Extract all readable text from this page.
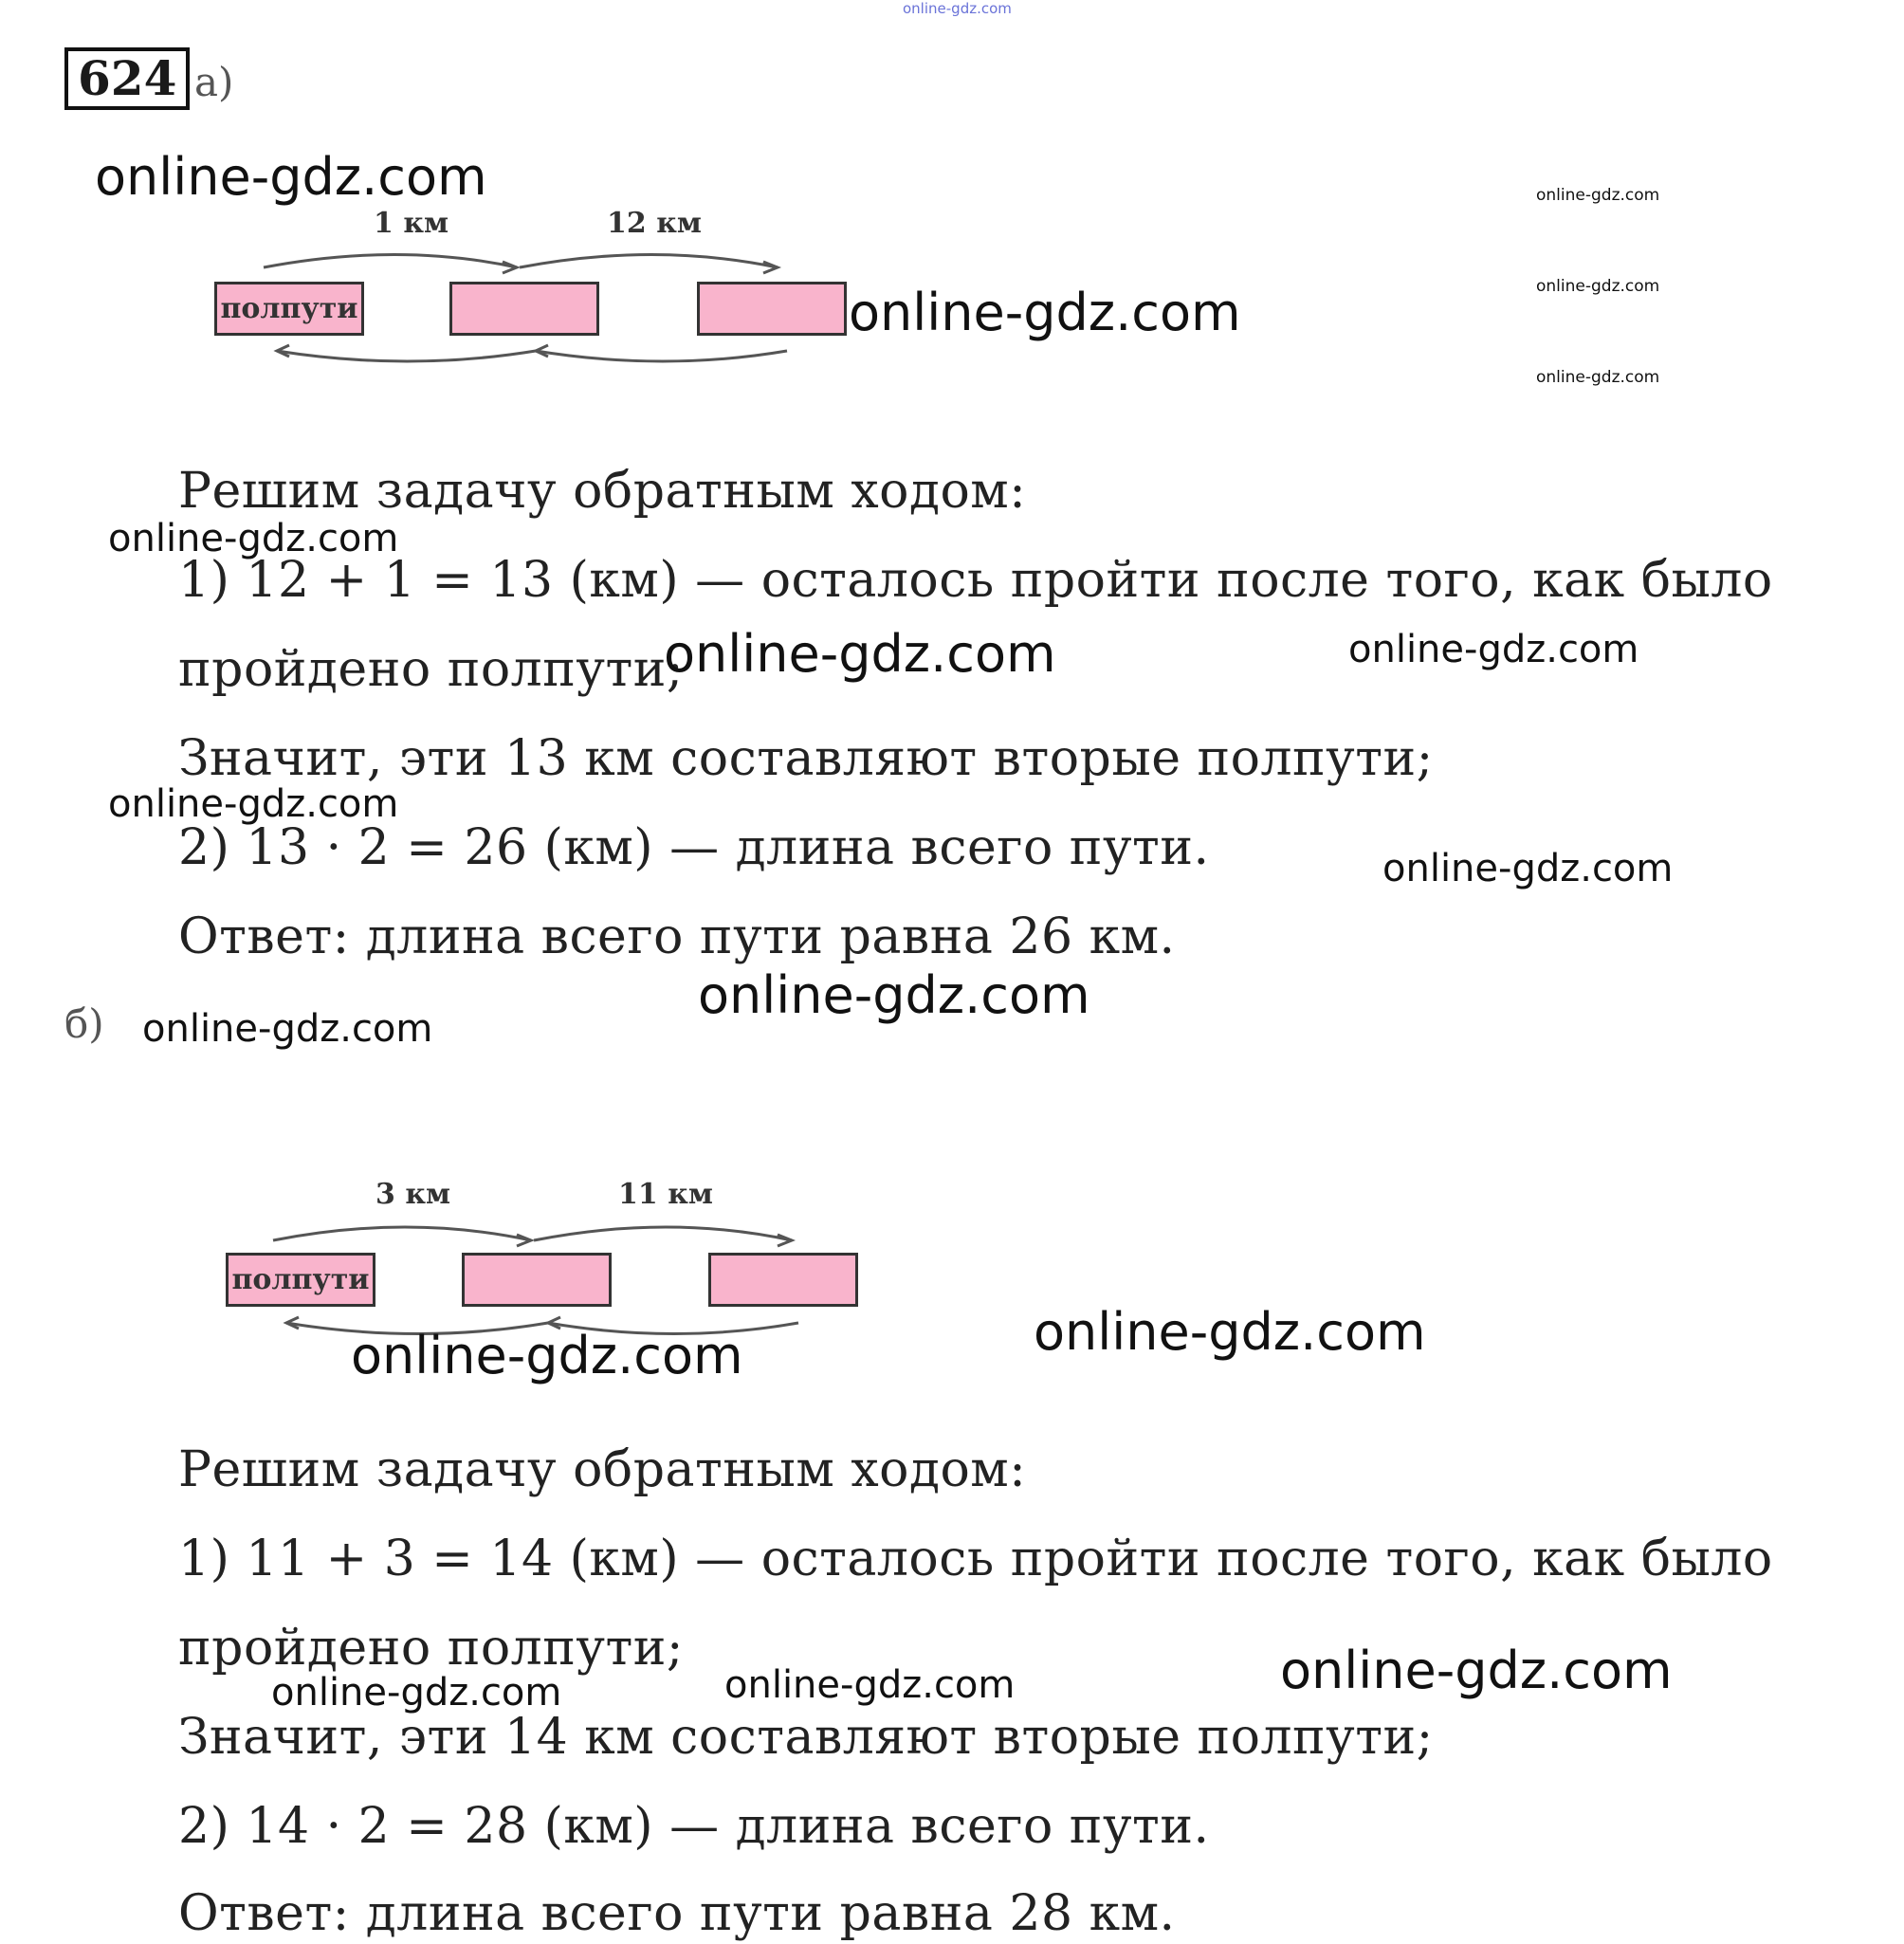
online-gdz.com
624 а)
1 км	12 км
полпути
online-gdz.com
online-gdz.com
online-gdz.com
online-gdz.com
online-gdz.com
Решим задачу обратным ходом:
online-gdz.com
1) 12 + 1 = 13 (км) — осталось пройти после того, как было
пройдено полпути;
online-gdz.com	online-gdz.com
Значит, эти 13 км составляют вторые полпути;
online-gdz.com
2) 13 · 2 = 26 (км) — длина всего пути.	online-gdz.com
Ответ: длина всего пути равна 26 км.
online-gdz.com
б) online-gdz.com
3 км	11 км
полпути
online-gdz.com	online-gdz.com
Решим задачу обратным ходом:
1) 11 + 3 = 14 (км) — осталось пройти после того, как было
пройдено полпути;
online-gdz.com	online-gdz.com	online-gdz.com
Значит, эти 14 км составляют вторые полпути;
2) 14 · 2 = 28 (км) — длина всего пути.
Ответ: длина всего пути равна 28 км.
